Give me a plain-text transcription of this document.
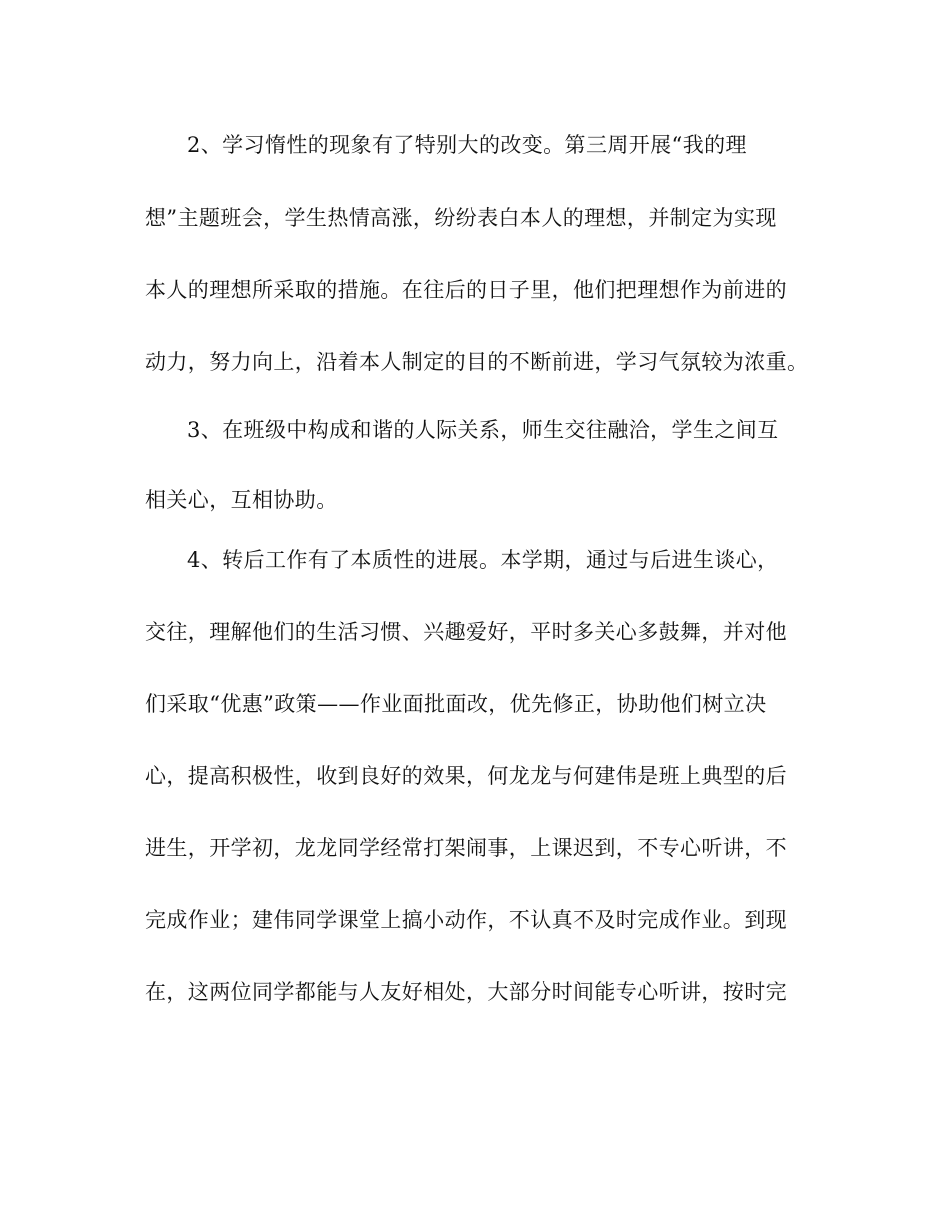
2、学习惰性的现象有了特别大的改变。第三周开展“我的理
想”主题班会，学生热情高涨，纷纷表白本人的理想，并制定为实现
本人的理想所采取的措施。在往后的日子里，他们把理想作为前进的
动力，努力向上，沿着本人制定的目的不断前进，学习气氛较为浓重。
3、在班级中构成和谐的人际关系，师生交往融洽，学生之间互
相关心，互相协助。
4、转后工作有了本质性的进展。本学期，通过与后进生谈心，
交往，理解他们的生活习惯、兴趣爱好，平时多关心多鼓舞，并对他
们采取“优惠”政策——作业面批面改，优先修正，协助他们树立决
心，提高积极性，收到良好的效果，何龙龙与何建伟是班上典型的后
进生，开学初，龙龙同学经常打架闹事，上课迟到，不专心听讲，不
完成作业；建伟同学课堂上搞小动作，不认真不及时完成作业。到现
在，这两位同学都能与人友好相处，大部分时间能专心听讲，按时完
